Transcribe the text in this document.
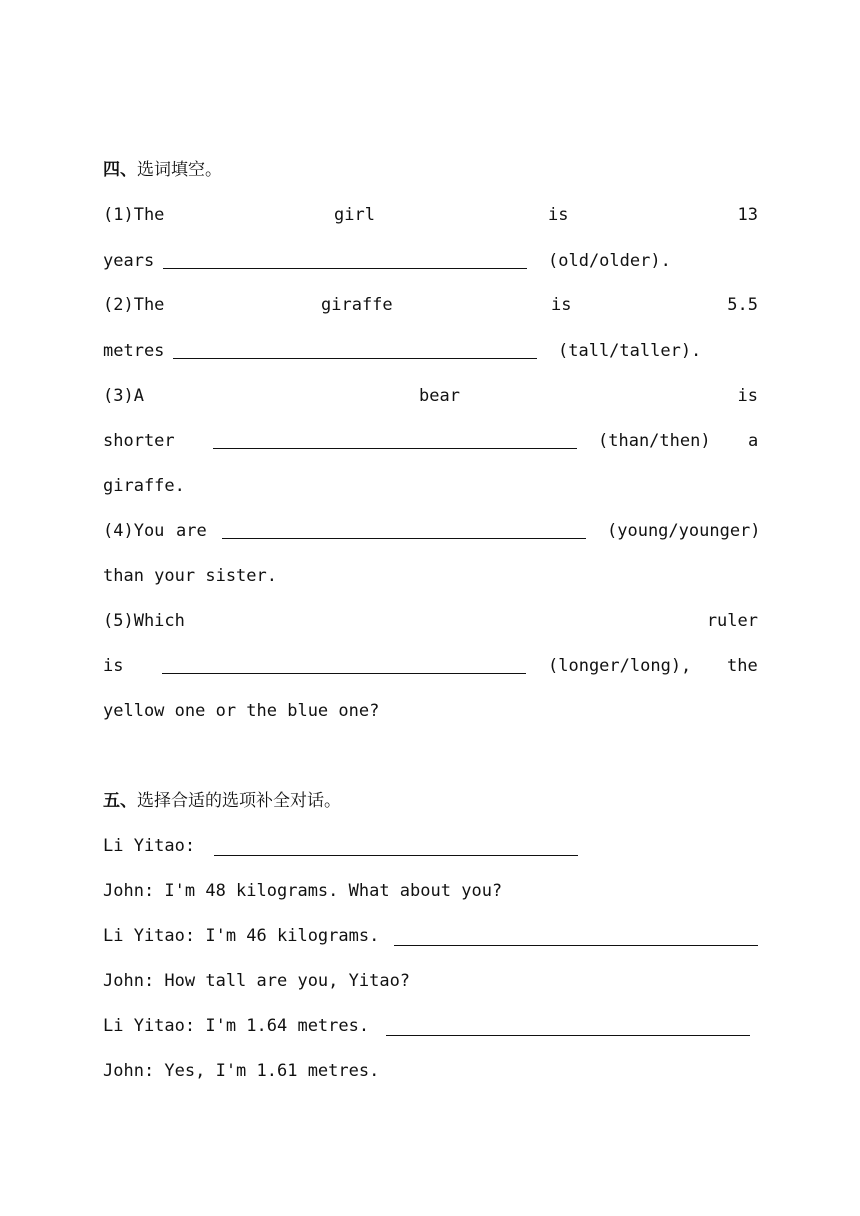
四、选词填空。
(1)The	girl	is	13
years	(old/older).
(2)The	giraffe	is	5.5
metres	(tall/taller).
(3)A	bear	is
shorter	(than/then) a
giraffe.
(4)You are	(young/younger)
than your sister.
(5)Which	ruler
is	(longer/long), the
yellow one or the blue one?
五、选择合适的选项补全对话。
Li Yitao:
John: I'm 48 kilograms. What about you?
Li Yitao: I'm 46 kilograms.
John: How tall are you, Yitao?
Li Yitao: I'm 1.64 metres.
John: Yes, I'm 1.61 metres.
